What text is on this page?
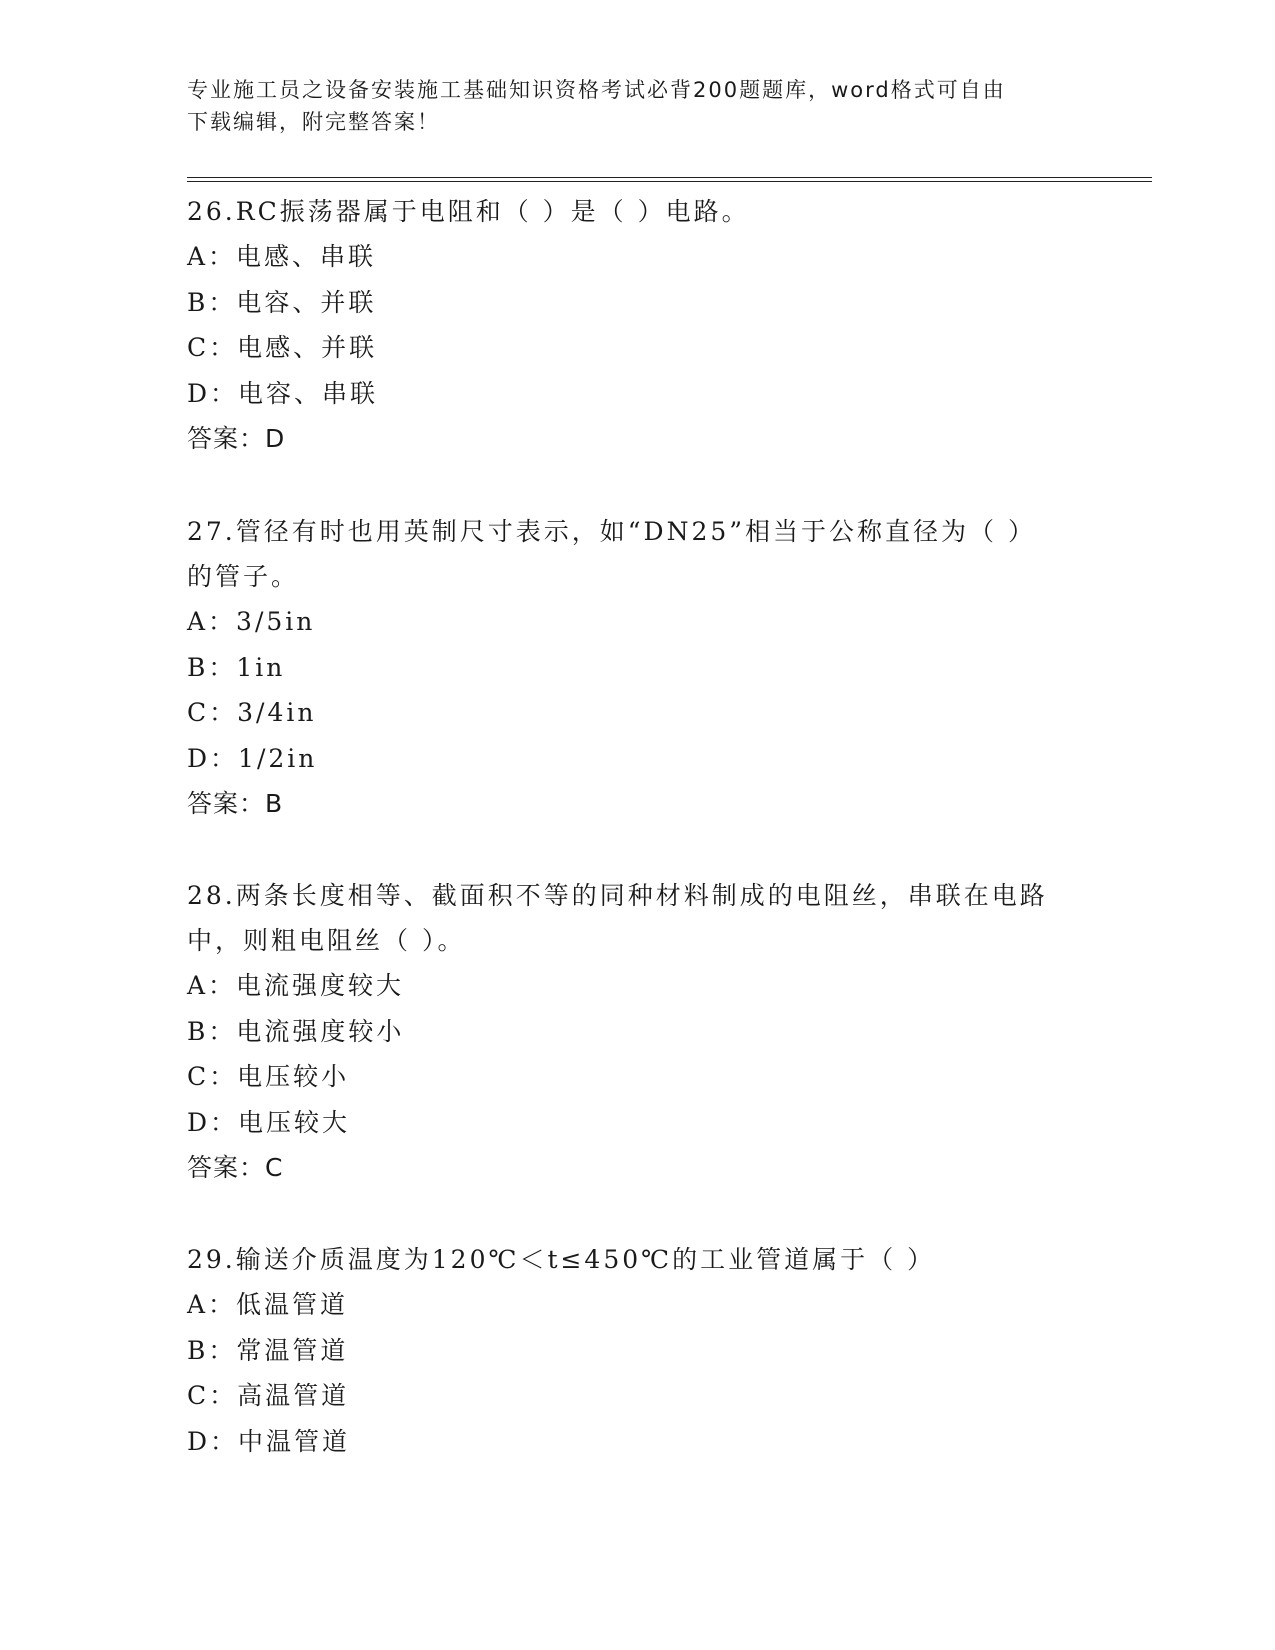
专业施工员之设备安装施工基础知识资格考试必背200题题库，word格式可自由
下载编辑，附完整答案！
26.RC振荡器属于电阻和（ ）是（ ）电路。
A：电感、串联
B：电容、并联
C：电感、并联
D：电容、串联
答案：D
27.管径有时也用英制尺寸表示，如“DN25”相当于公称直径为（ ）
的管子。
A：3/5in
B：1in
C：3/4in
D：1/2in
答案：B
28.两条长度相等、截面积不等的同种材料制成的电阻丝，串联在电路
中，则粗电阻丝（ ）。
A：电流强度较大
B：电流强度较小
C：电压较小
D：电压较大
答案：C
29.输送介质温度为120℃＜t≤450℃的工业管道属于（ ）
A：低温管道
B：常温管道
C：高温管道
D：中温管道
